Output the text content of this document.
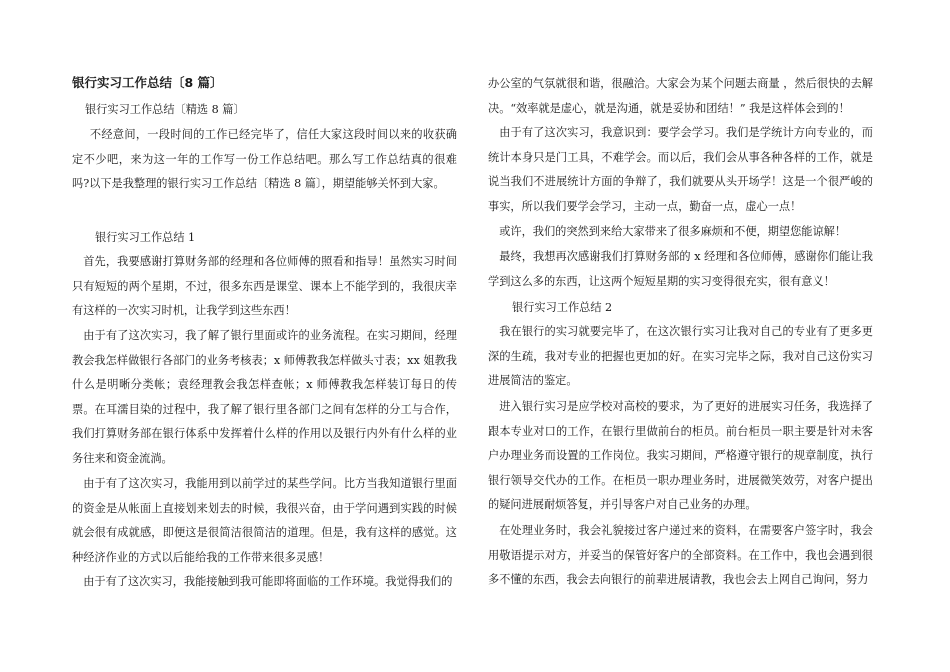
银行实习工作总结〔8 篇〕

银行实习工作总结〔精选 8 篇〕

不经意间，一段时间的工作已经完毕了，信任大家这段时间以来的收获确定不少吧，来为这一年的工作写一份工作总结吧。那么写工作总结真的很难吗?以下是我整理的银行实习工作总结〔精选 8 篇〕，期望能够关怀到大家。

银行实习工作总结 1

首先，我要感谢打算财务部的经理和各位师傅的照看和指导！虽然实习时间只有短短的两个星期，不过，很多东西是课堂、课本上不能学到的，我很庆幸有这样的一次实习时机，让我学到这些东西！

由于有了这次实习，我了解了银行里面或许的业务流程。在实习期间，经理教会我怎样做银行各部门的业务考核表；x 师傅教我怎样做头寸表；xx 姐教我什么是明晰分类帐；袁经理教会我怎样查帐；x 师傅教我怎样装订每日的传票。在耳濡目染的过程中，我了解了银行里各部门之间有怎样的分工与合作，我们打算财务部在银行体系中发挥着什么样的作用以及银行内外有什么样的业务往来和资金流淌。

由于有了这次实习，我能用到以前学过的某些学问。比方当我知道银行里面的资金是从帐面上直接划来划去的时候，我很兴奋，由于学问遇到实践的时候就会很有成就感，即便这是很简洁很简洁的道理。但是，我有这样的感觉。这种经济作业的方式以后能给我的工作带来很多灵感！

由于有了这次实习，我能接触到我可能即将面临的工作环境。我觉得我们的

办公室的气氛就很和谐，很融洽。大家会为某个问题去商量 ，然后很快的去解决。“效率就是虚心，就是沟通，就是妥协和团结！” 我是这样体会到的！

由于有了这次实习，我意识到：要学会学习。我们是学统计方向专业的，而统计本身只是门工具，不难学会。而以后，我们会从事各种各样的工作，就是说当我们不进展统计方面的争辩了，我们就要从头开场学！这是一个很严峻的事实，所以我们要学会学习，主动一点，勤奋一点，虚心一点！

或许，我们的突然到来给大家带来了很多麻烦和不便，期望您能谅解！

最终，我想再次感谢我们打算财务部的 x 经理和各位师傅，感谢你们能让我学到这么多的东西，让这两个短短星期的实习变得很充实，很有意义！

银行实习工作总结 2

我在银行的实习就要完毕了，在这次银行实习让我对自己的专业有了更多更深的生疏，我对专业的把握也更加的好。在实习完毕之际，我对自己这份实习进展简洁的鉴定。

进入银行实习是应学校对高校的要求，为了更好的进展实习任务，我选择了跟本专业对口的工作，在银行里做前台的柜员。前台柜员一职主要是针对未客户办理业务而设置的工作岗位。我实习期间，严格遵守银行的规章制度，执行银行领导交代办的工作。在柜员一职办理业务时，进展微笑效劳，对客户提出的疑问进展耐烦答复，并引导客户对自己业务的办理。

在处理业务时，我会礼貌接过客户递过来的资料，在需要客户签字时，我会用敬语提示对方，并妥当的保管好客户的全部资料。在工作中，我也会遇到很多不懂的东西，我会去向银行的前辈进展请教，我也会去上网自己询问，努力
